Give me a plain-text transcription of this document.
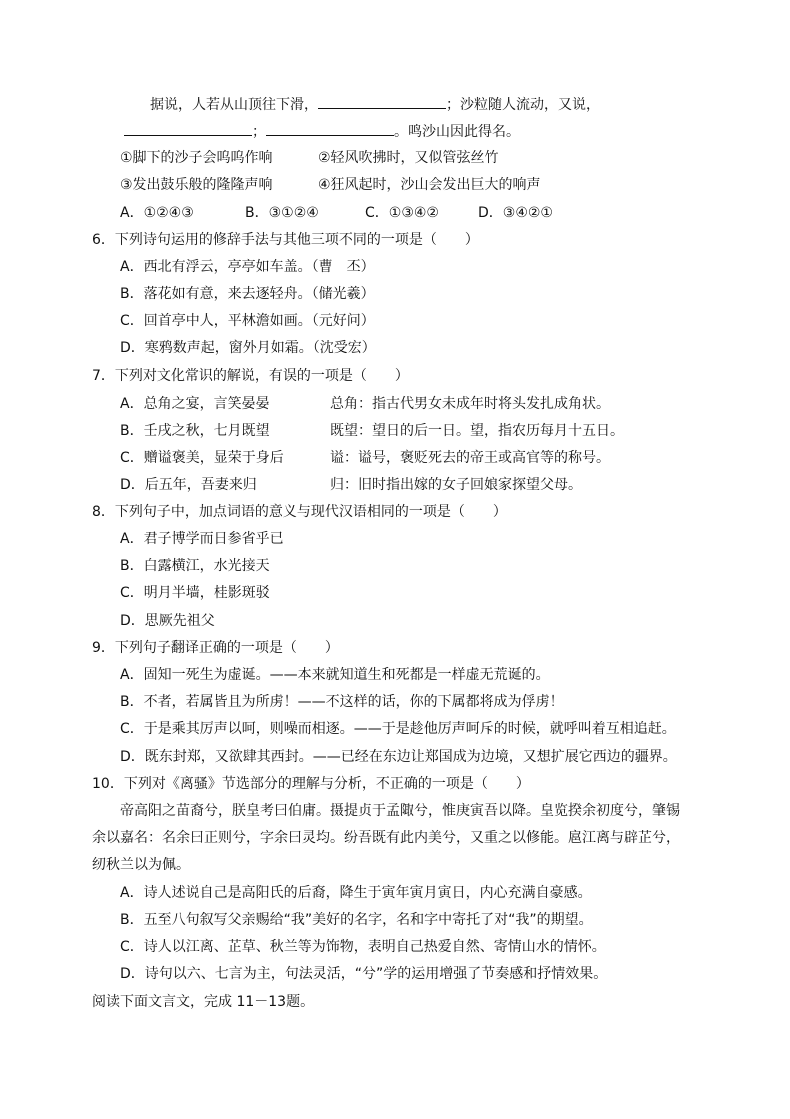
据说，人若从山顶往下滑，	；沙粒随人流动，又说，
；	。鸣沙山因此得名。
①脚下的沙子会呜呜作响	②轻风吹拂时，又似管弦丝竹
③发出鼓乐般的隆隆声响	④狂风起时，沙山会发出巨大的响声
A．①②④③	B．③①②④	C．①③④②	D．③④②①
6．下列诗句运用的修辞手法与其他三项不同的一项是（　　）
A．西北有浮云，亭亭如车盖。（曹　丕）
B．落花如有意，来去逐轻舟。（储光羲）
C．回首亭中人，平林澹如画。（元好问）
D．寒鸦数声起，窗外月如霜。（沈受宏）
7．下列对文化常识的解说，有误的一项是（　　）
A．总角之宴，言笑晏晏	总角：指古代男女未成年时将头发扎成角状。
B．壬戌之秋，七月既望	既望：望日的后一日。望，指农历每月十五日。
C．赠谥褒美，显荣于身后	谥：谥号，褒贬死去的帝王或高官等的称号。
D．后五年，吾妻来归	归：旧时指出嫁的女子回娘家探望父母。
8．下列句子中，加点词语的意义与现代汉语相同的一项是（　　）
A．君子博学而日参省乎已
B．白露横江，水光接天
C．明月半墙，桂影斑驳
D．思厥先祖父
9．下列句子翻译正确的一项是（　　）
A．固知一死生为虚诞。——本来就知道生和死都是一样虚无荒诞的。
B．不者，若属皆且为所虏！——不这样的话，你的下属都将成为俘虏！
C．于是乘其厉声以呵，则噪而相逐。——于是趁他厉声呵斥的时候，就呼叫着互相追赶。
D．既东封郑，又欲肆其西封。——已经在东边让郑国成为边境，又想扩展它西边的疆界。
10．下列对《离骚》节选部分的理解与分析，不正确的一项是（　　）
帝高阳之苗裔兮，朕皇考曰伯庸。摄提贞于孟陬兮，惟庚寅吾以降。皇览揆余初度兮，肇锡
余以嘉名：名余曰正则兮，字余曰灵均。纷吾既有此内美兮，又重之以修能。扈江离与辟芷兮，
纫秋兰以为佩。
A．诗人述说自己是高阳氏的后裔，降生于寅年寅月寅日，内心充满自豪感。
B．五至八句叙写父亲赐给“我”美好的名字，名和字中寄托了对“我”的期望。
C．诗人以江离、芷草、秋兰等为饰物，表明自己热爱自然、寄情山水的情怀。
D．诗句以六、七言为主，句法灵活，“兮”学的运用增强了节奏感和抒情效果。
阅读下面文言文，完成 11－13题。
